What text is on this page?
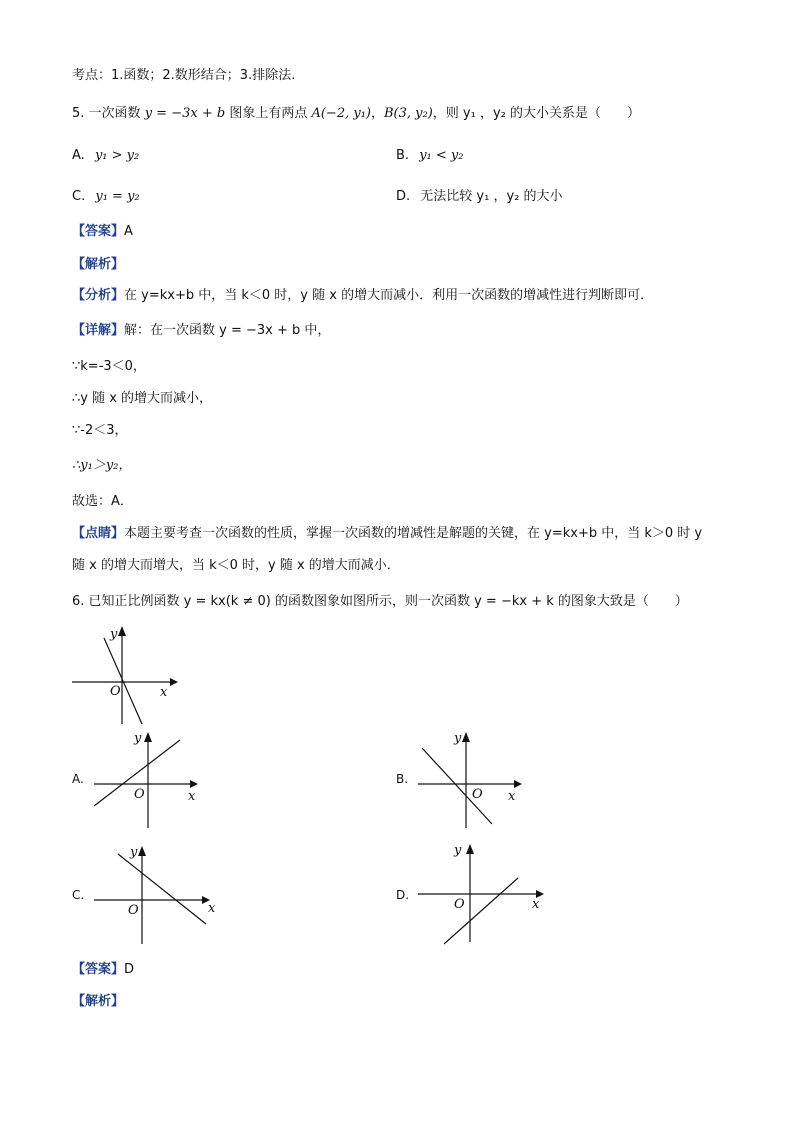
考点：1.函数；2.数形结合；3.排除法.
5. 一次函数 y = −3x + b 图象上有两点 A(−2, y₁)，B(3, y₂)，则 y₁ ，y₂ 的大小关系是（　　）
A. y₁ > y₂	B. y₁ < y₂
C. y₁ = y₂	D. 无法比较 y₁ ，y₂ 的大小
【答案】A
【解析】
【分析】在 y=kx+b 中，当 k＜0 时，y 随 x 的增大而减小．利用一次函数的增减性进行判断即可．
【详解】解：在一次函数 y = −3x + b 中，
∵k=-3＜0，
∴y 随 x 的增大而减小，
∵-2＜3，
∴y₁＞y₂，
故选：A．
【点睛】本题主要考查一次函数的性质，掌握一次函数的增减性是解题的关键，在 y=kx+b 中，当 k＞0 时 y
随 x 的增大而增大，当 k＜0 时，y 随 x 的增大而减小．
6. 已知正比例函数 y = kx(k ≠ 0) 的函数图象如图所示，则一次函数 y = −kx + k 的图象大致是（　　）
O	x
y
A.
O	x
y
B.
O x
y
C.
O	x
y
D.
O	x
y
【答案】D
【解析】
